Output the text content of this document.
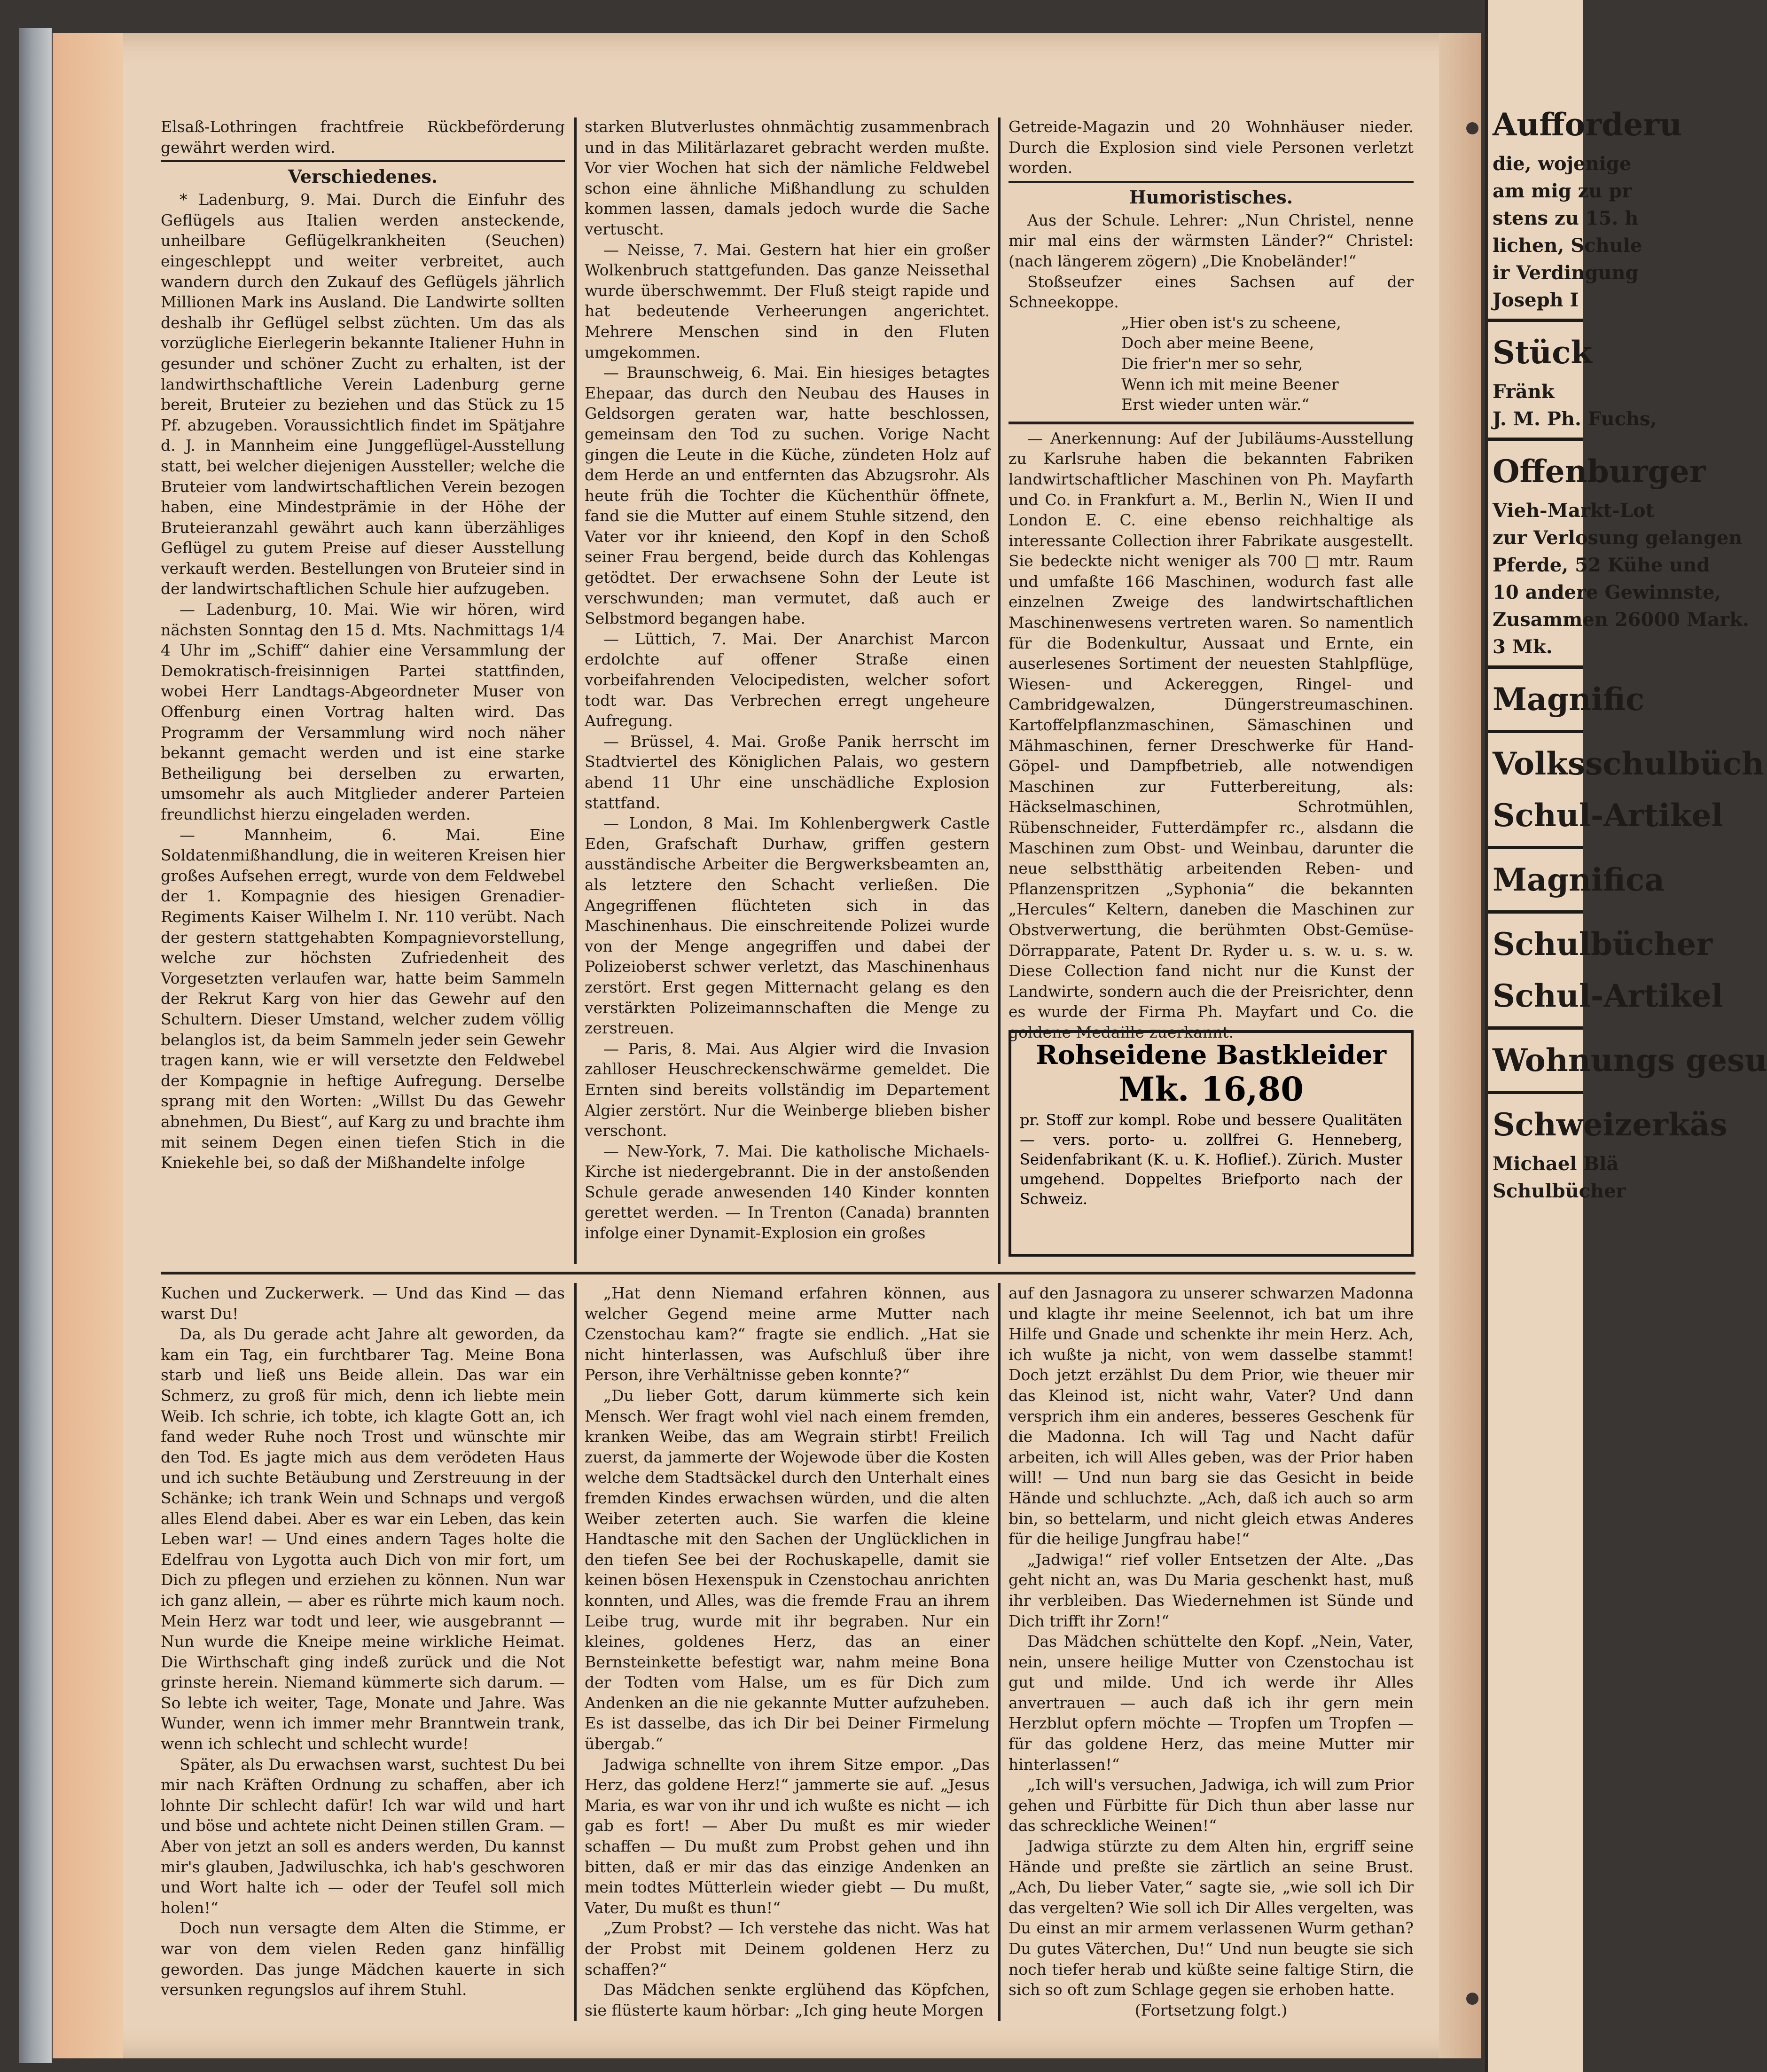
Elsaß-Lothringen frachtfreie Rückbeförderung gewährt werden wird.

Verschiedenes.

* Ladenburg, 9. Mai. Durch die Einfuhr des Geflügels aus Italien werden ansteckende, unheilbare Geflügelkrankheiten (Seuchen) eingeschleppt und weiter verbreitet, auch wandern durch den Zukauf des Geflügels jährlich Millionen Mark ins Ausland. Die Landwirte sollten deshalb ihr Geflügel selbst züchten. Um das als vorzügliche Eierlegerin bekannte Italiener Huhn in gesunder und schöner Zucht zu erhalten, ist der landwirthschaftliche Verein Ladenburg gerne bereit, Bruteier zu beziehen und das Stück zu 15 Pf. abzugeben. Voraussichtlich findet im Spätjahre d. J. in Mannheim eine Junggeflügel-Ausstellung statt, bei welcher diejenigen Aussteller; welche die Bruteier vom landwirtschaftlichen Verein bezogen haben, eine Mindestprämie in der Höhe der Bruteieranzahl gewährt auch kann überzähliges Geflügel zu gutem Preise auf dieser Ausstellung verkauft werden. Bestellungen von Bruteier sind in der landwirtschaftlichen Schule hier aufzugeben.

— Ladenburg, 10. Mai. Wie wir hören, wird nächsten Sonntag den 15 d. Mts. Nachmittags 1/4 4 Uhr im „Schiff“ dahier eine Versammlung der Demokratisch-freisinnigen Partei stattfinden, wobei Herr Landtags-Abgeordneter Muser von Offenburg einen Vortrag halten wird. Das Programm der Versammlung wird noch näher bekannt gemacht werden und ist eine starke Betheiligung bei derselben zu erwarten, umsomehr als auch Mitglieder anderer Parteien freundlichst hierzu eingeladen werden.

— Mannheim, 6. Mai. Eine Soldatenmißhandlung, die in weiteren Kreisen hier großes Aufsehen erregt, wurde von dem Feldwebel der 1. Kompagnie des hiesigen Grenadier-Regiments Kaiser Wilhelm I. Nr. 110 verübt. Nach der gestern stattgehabten Kompagnievorstellung, welche zur höchsten Zufriedenheit des Vorgesetzten verlaufen war, hatte beim Sammeln der Rekrut Karg von hier das Gewehr auf den Schultern. Dieser Umstand, welcher zudem völlig belanglos ist, da beim Sammeln jeder sein Gewehr tragen kann, wie er will versetzte den Feldwebel der Kompagnie in heftige Aufregung. Derselbe sprang mit den Worten: „Willst Du das Gewehr abnehmen, Du Biest“, auf Karg zu und brachte ihm mit seinem Degen einen tiefen Stich in die Kniekehle bei, so daß der Mißhandelte infolge

starken Blutverlustes ohnmächtig zusammenbrach und in das Militärlazaret gebracht werden mußte. Vor vier Wochen hat sich der nämliche Feldwebel schon eine ähnliche Mißhandlung zu schulden kommen lassen, damals jedoch wurde die Sache vertuscht.

— Neisse, 7. Mai. Gestern hat hier ein großer Wolkenbruch stattgefunden. Das ganze Neissethal wurde überschwemmt. Der Fluß steigt rapide und hat bedeutende Verheerungen angerichtet. Mehrere Menschen sind in den Fluten umgekommen.

— Braunschweig, 6. Mai. Ein hiesiges betagtes Ehepaar, das durch den Neubau des Hauses in Geldsorgen geraten war, hatte beschlossen, gemeinsam den Tod zu suchen. Vorige Nacht gingen die Leute in die Küche, zündeten Holz auf dem Herde an und entfernten das Abzugsrohr. Als heute früh die Tochter die Küchenthür öffnete, fand sie die Mutter auf einem Stuhle sitzend, den Vater vor ihr knieend, den Kopf in den Schoß seiner Frau bergend, beide durch das Kohlengas getödtet. Der erwachsene Sohn der Leute ist verschwunden; man vermutet, daß auch er Selbstmord begangen habe.

— Lüttich, 7. Mai. Der Anarchist Marcon erdolchte auf offener Straße einen vorbeifahrenden Velocipedisten, welcher sofort todt war. Das Verbrechen erregt ungeheure Aufregung.

— Brüssel, 4. Mai. Große Panik herrscht im Stadtviertel des Königlichen Palais, wo gestern abend 11 Uhr eine unschädliche Explosion stattfand.

— London, 8 Mai. Im Kohlenbergwerk Castle Eden, Grafschaft Durhaw, griffen gestern ausständische Arbeiter die Bergwerksbeamten an, als letztere den Schacht verließen. Die Angegriffenen flüchteten sich in das Maschinenhaus. Die einschreitende Polizei wurde von der Menge angegriffen und dabei der Polizeioberst schwer verletzt, das Maschinenhaus zerstört. Erst gegen Mitternacht gelang es den verstärkten Polizeimannschaften die Menge zu zerstreuen.

— Paris, 8. Mai. Aus Algier wird die Invasion zahlloser Heuschreckenschwärme gemeldet. Die Ernten sind bereits vollständig im Departement Algier zerstört. Nur die Weinberge blieben bisher verschont.

— New-York, 7. Mai. Die katholische Michaels-Kirche ist niedergebrannt. Die in der anstoßenden Schule gerade anwesenden 140 Kinder konnten gerettet werden. — In Trenton (Canada) brannten infolge einer Dynamit-Explosion ein großes

Getreide-Magazin und 20 Wohnhäuser nieder. Durch die Explosion sind viele Personen verletzt worden.

Humoristisches.

Aus der Schule. Lehrer: „Nun Christel, nenne mir mal eins der wärmsten Länder?“ Christel: (nach längerem zögern) „Die Knobeländer!“

Stoßseufzer eines Sachsen auf der Schneekoppe.

„Hier oben ist's zu scheene,

Doch aber meine Beene,

Die frier'n mer so sehr,

Wenn ich mit meine Beener

Erst wieder unten wär.“

— Anerkennung: Auf der Jubiläums-Ausstellung zu Karlsruhe haben die bekannten Fabriken landwirtschaftlicher Maschinen von Ph. Mayfarth und Co. in Frankfurt a. M., Berlin N., Wien II und London E. C. eine ebenso reichhaltige als interessante Collection ihrer Fabrikate ausgestellt. Sie bedeckte nicht weniger als 700 □ mtr. Raum und umfaßte 166 Maschinen, wodurch fast alle einzelnen Zweige des landwirtschaftlichen Maschinenwesens vertreten waren. So namentlich für die Bodenkultur, Aussaat und Ernte, ein auserlesenes Sortiment der neuesten Stahlpflüge, Wiesen- und Ackereggen, Ringel- und Cambridgewalzen, Düngerstreumaschinen. Kartoffelpflanzmaschinen, Sämaschinen und Mähmaschinen, ferner Dreschwerke für Hand-Göpel- und Dampfbetrieb, alle notwendigen Maschinen zur Futterbereitung, als: Häckselmaschinen, Schrotmühlen, Rübenschneider, Futterdämpfer rc., alsdann die Maschinen zum Obst- und Weinbau, darunter die neue selbstthätig arbeitenden Reben- und Pflanzenspritzen „Syphonia“ die bekannten „Hercules“ Keltern, daneben die Maschinen zur Obstverwertung, die berühmten Obst-Gemüse-Dörrapparate, Patent Dr. Ryder u. s. w. u. s. w. Diese Collection fand nicht nur die Kunst der Landwirte, sondern auch die der Preisrichter, denn es wurde der Firma Ph. Mayfart und Co. die goldene Medaille zuerkannt.

Rohseidene Bastkleider

Mk. 16,80

pr. Stoff zur kompl. Robe und bessere Qualitäten — vers. porto- u. zollfrei G. Henneberg, Seidenfabrikant (K. u. K. Hoflief.). Zürich. Muster umgehend. Doppeltes Briefporto nach der Schweiz.

Kuchen und Zuckerwerk. — Und das Kind — das warst Du!

Da, als Du gerade acht Jahre alt geworden, da kam ein Tag, ein furchtbarer Tag. Meine Bona starb und ließ uns Beide allein. Das war ein Schmerz, zu groß für mich, denn ich liebte mein Weib. Ich schrie, ich tobte, ich klagte Gott an, ich fand weder Ruhe noch Trost und wünschte mir den Tod. Es jagte mich aus dem verödeten Haus und ich suchte Betäubung und Zerstreuung in der Schänke; ich trank Wein und Schnaps und vergoß alles Elend dabei. Aber es war ein Leben, das kein Leben war! — Und eines andern Tages holte die Edelfrau von Lygotta auch Dich von mir fort, um Dich zu pflegen und erziehen zu können. Nun war ich ganz allein, — aber es rührte mich kaum noch. Mein Herz war todt und leer, wie ausgebrannt — Nun wurde die Kneipe meine wirkliche Heimat. Die Wirthschaft ging indeß zurück und die Not grinste herein. Niemand kümmerte sich darum. — So lebte ich weiter, Tage, Monate und Jahre. Was Wunder, wenn ich immer mehr Branntwein trank, wenn ich schlecht und schlecht wurde!

Später, als Du erwachsen warst, suchtest Du bei mir nach Kräften Ordnung zu schaffen, aber ich lohnte Dir schlecht dafür! Ich war wild und hart und böse und achtete nicht Deinen stillen Gram. — Aber von jetzt an soll es anders werden, Du kannst mir's glauben, Jadwiluschka, ich hab's geschworen und Wort halte ich — oder der Teufel soll mich holen!“

Doch nun versagte dem Alten die Stimme, er war von dem vielen Reden ganz hinfällig geworden. Das junge Mädchen kauerte in sich versunken regungslos auf ihrem Stuhl.

„Hat denn Niemand erfahren können, aus welcher Gegend meine arme Mutter nach Czenstochau kam?“ fragte sie endlich. „Hat sie nicht hinterlassen, was Aufschluß über ihre Person, ihre Verhältnisse geben konnte?“

„Du lieber Gott, darum kümmerte sich kein Mensch. Wer fragt wohl viel nach einem fremden, kranken Weibe, das am Wegrain stirbt! Freilich zuerst, da jammerte der Wojewode über die Kosten welche dem Stadtsäckel durch den Unterhalt eines fremden Kindes erwachsen würden, und die alten Weiber zeterten auch. Sie warfen die kleine Handtasche mit den Sachen der Unglücklichen in den tiefen See bei der Rochuskapelle, damit sie keinen bösen Hexenspuk in Czenstochau anrichten konnten, und Alles, was die fremde Frau an ihrem Leibe trug, wurde mit ihr begraben. Nur ein kleines, goldenes Herz, das an einer Bernsteinkette befestigt war, nahm meine Bona der Todten vom Halse, um es für Dich zum Andenken an die nie gekannte Mutter aufzuheben. Es ist dasselbe, das ich Dir bei Deiner Firmelung übergab.“

Jadwiga schnellte von ihrem Sitze empor. „Das Herz, das goldene Herz!“ jammerte sie auf. „Jesus Maria, es war von ihr und ich wußte es nicht — ich gab es fort! — Aber Du mußt es mir wieder schaffen — Du mußt zum Probst gehen und ihn bitten, daß er mir das das einzige Andenken an mein todtes Mütterlein wieder giebt — Du mußt, Vater, Du mußt es thun!“

„Zum Probst? — Ich verstehe das nicht. Was hat der Probst mit Deinem goldenen Herz zu schaffen?“

Das Mädchen senkte erglühend das Köpfchen, sie flüsterte kaum hörbar: „Ich ging heute Morgen

auf den Jasnagora zu unserer schwarzen Madonna und klagte ihr meine Seelennot, ich bat um ihre Hilfe und Gnade und schenkte ihr mein Herz. Ach, ich wußte ja nicht, von wem dasselbe stammt! Doch jetzt erzählst Du dem Prior, wie theuer mir das Kleinod ist, nicht wahr, Vater? Und dann versprich ihm ein anderes, besseres Geschenk für die Madonna. Ich will Tag und Nacht dafür arbeiten, ich will Alles geben, was der Prior haben will! — Und nun barg sie das Gesicht in beide Hände und schluchzte. „Ach, daß ich auch so arm bin, so bettelarm, und nicht gleich etwas Anderes für die heilige Jungfrau habe!“

„Jadwiga!“ rief voller Entsetzen der Alte. „Das geht nicht an, was Du Maria geschenkt hast, muß ihr verbleiben. Das Wiedernehmen ist Sünde und Dich trifft ihr Zorn!“

Das Mädchen schüttelte den Kopf. „Nein, Vater, nein, unsere heilige Mutter von Czenstochau ist gut und milde. Und ich werde ihr Alles anvertrauen — auch daß ich ihr gern mein Herzblut opfern möchte — Tropfen um Tropfen — für das goldene Herz, das meine Mutter mir hinterlassen!“

„Ich will's versuchen, Jadwiga, ich will zum Prior gehen und Fürbitte für Dich thun aber lasse nur das schreckliche Weinen!“

Jadwiga stürzte zu dem Alten hin, ergriff seine Hände und preßte sie zärtlich an seine Brust. „Ach, Du lieber Vater,“ sagte sie, „wie soll ich Dir das vergelten? Wie soll ich Dir Alles vergelten, was Du einst an mir armem verlassenen Wurm gethan? Du gutes Väterchen, Du!“ Und nun beugte sie sich noch tiefer herab und küßte seine faltige Stirn, die sich so oft zum Schlage gegen sie erhoben hatte.

(Fortsetzung folgt.)

Aufforderu
die, wojenige
am mig zu pr
stens zu 15. h
lichen, Schule
ir Verdingung
Joseph I
Stück
Fränk
J. M. Ph. Fuchs,
Offenburger
Vieh-Markt-Lot
zur Verlosung gelangen
Pferde, 52 Kühe und
10 andere Gewinnste,
Zusammen 26000 Mark.
3 Mk.
Magnific
Volksschulbüch
Schul-Artikel
Magnifica
Schulbücher
Schul-Artikel
Wohnungs gesu
Schweizerkäs
Michael Blä
Schulbücher
